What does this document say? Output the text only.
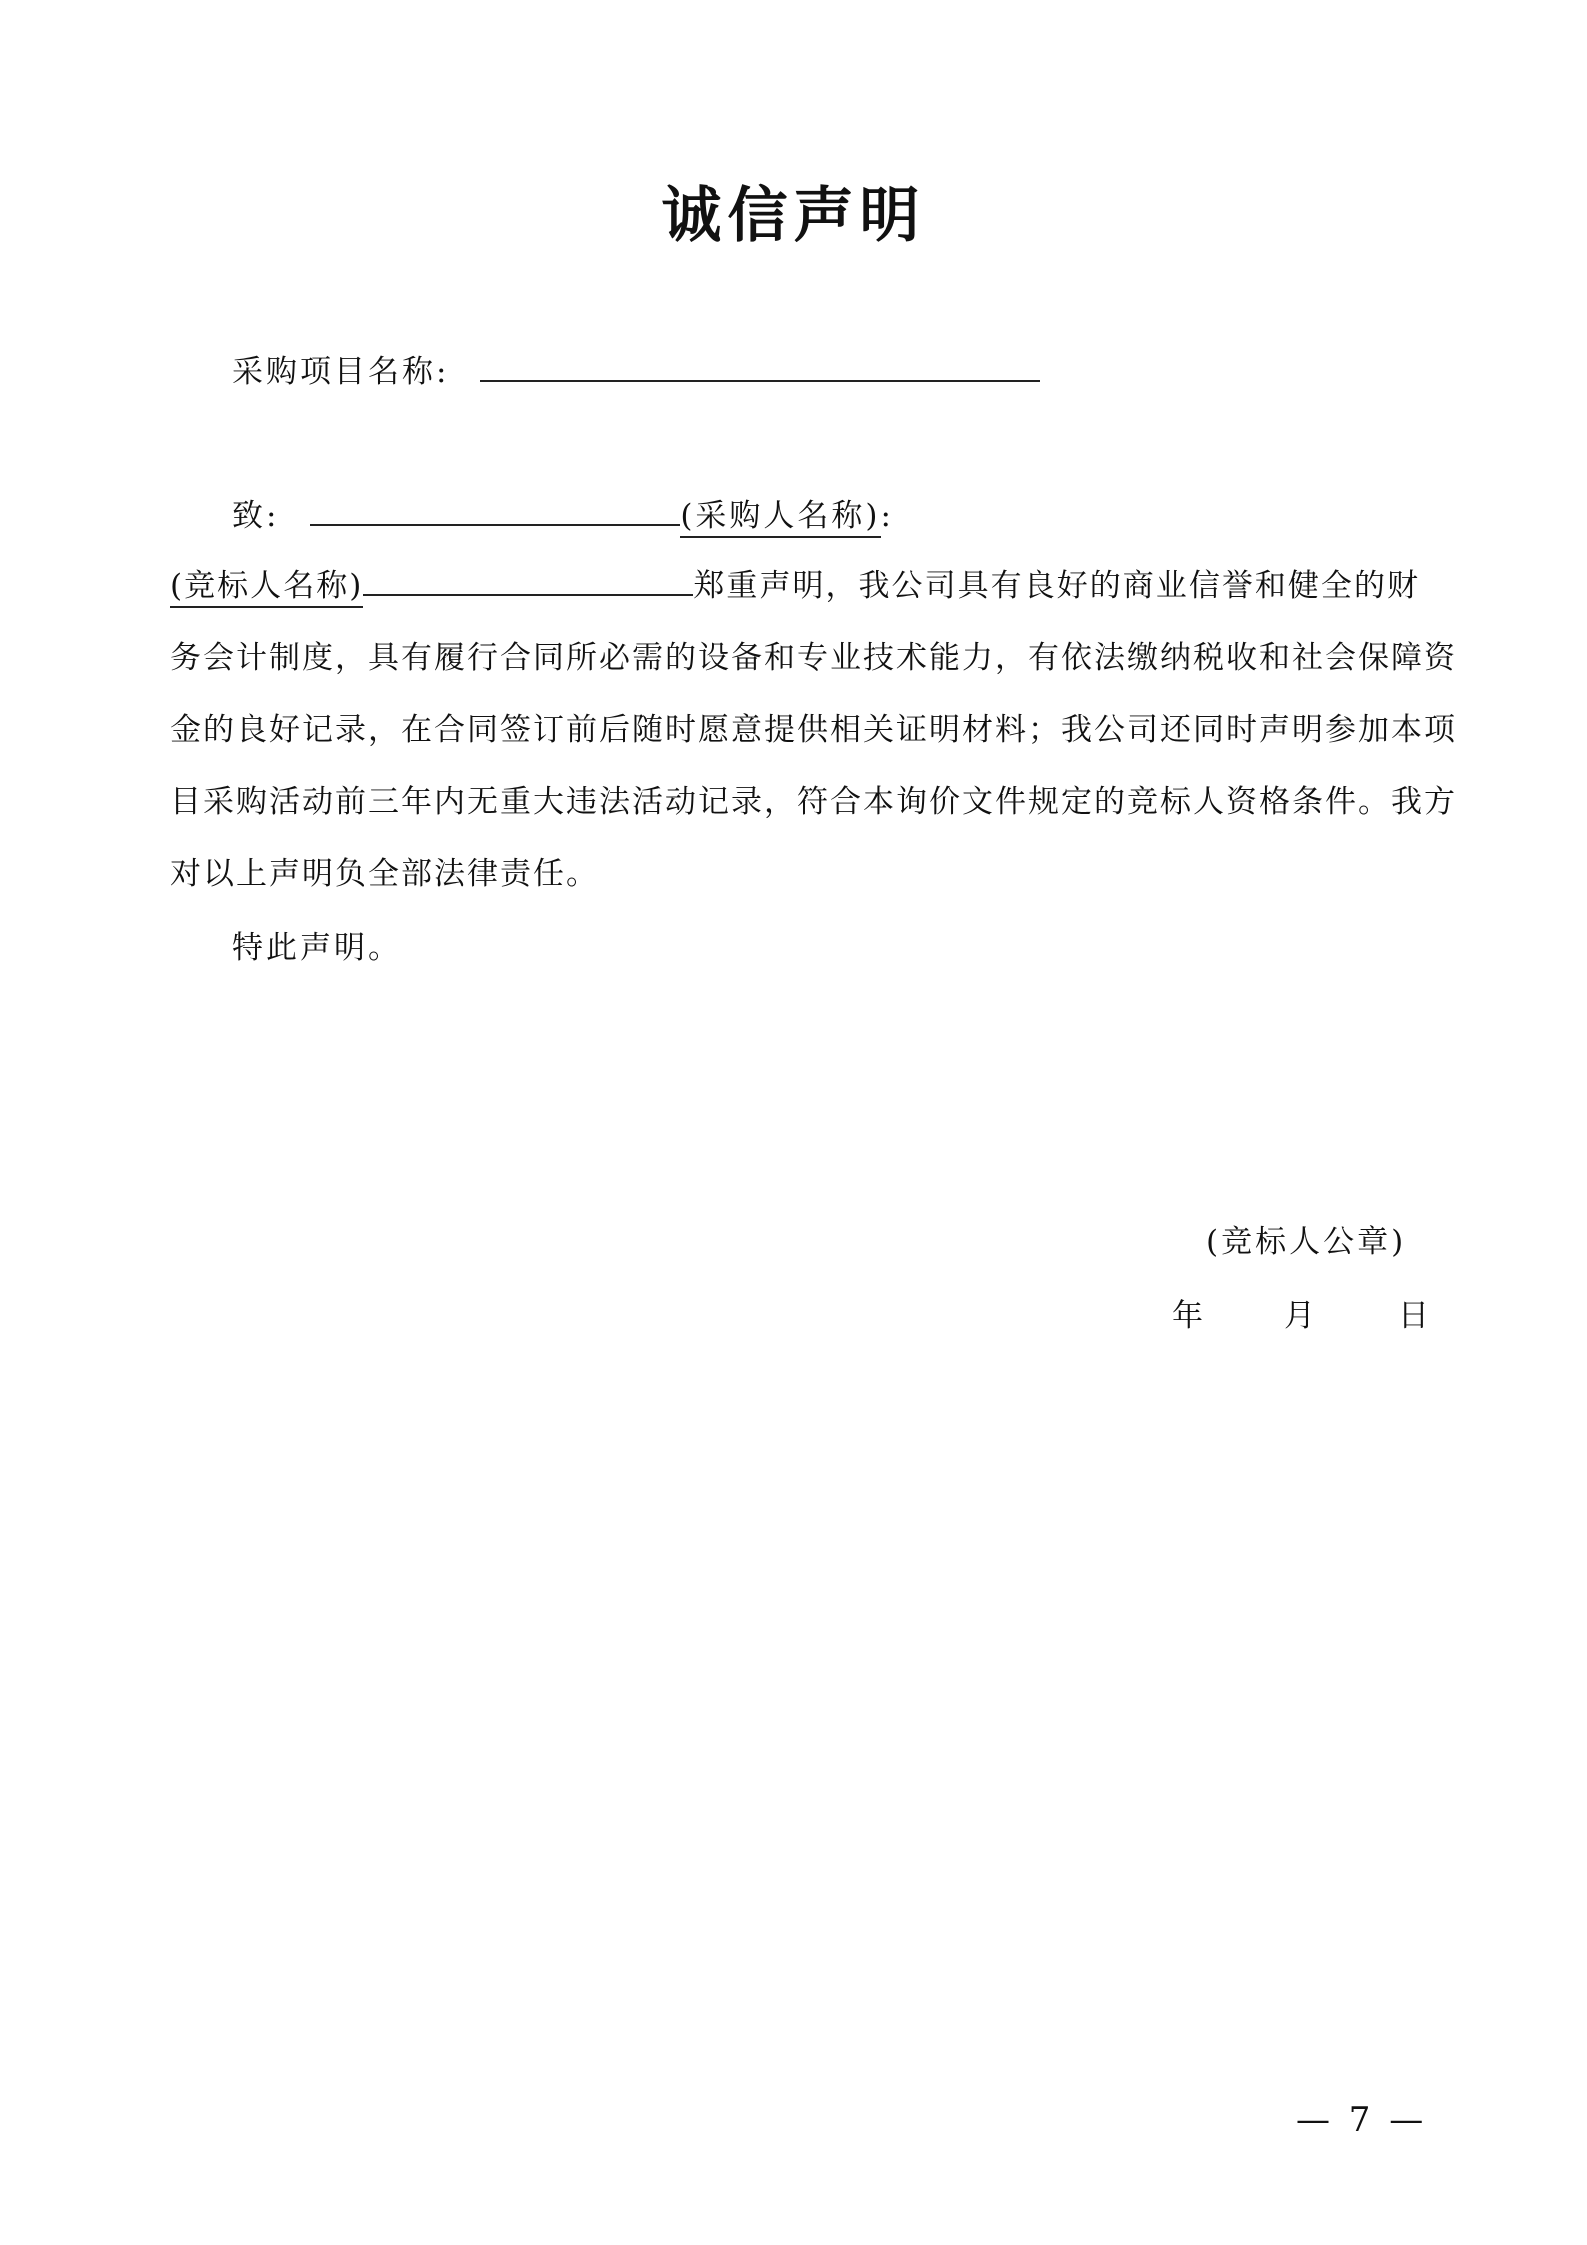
诚信声明
采购项目名称:
致:	(采购人名称):
(竞标人名称)	郑重声明，我公司具有良好的商业信誉和健全的财
务会计制度，具有履行合同所必需的设备和专业技术能力，有依法缴纳税收和社会保障资
金的良好记录，在合同签订前后随时愿意提供相关证明材料；我公司还同时声明参加本项
目采购活动前三年内无重大违法活动记录，符合本询价文件规定的竞标人资格条件。我方
对以上声明负全部法律责任。
特此声明。
(竞标人公章)
年	月	日
— 7 —
